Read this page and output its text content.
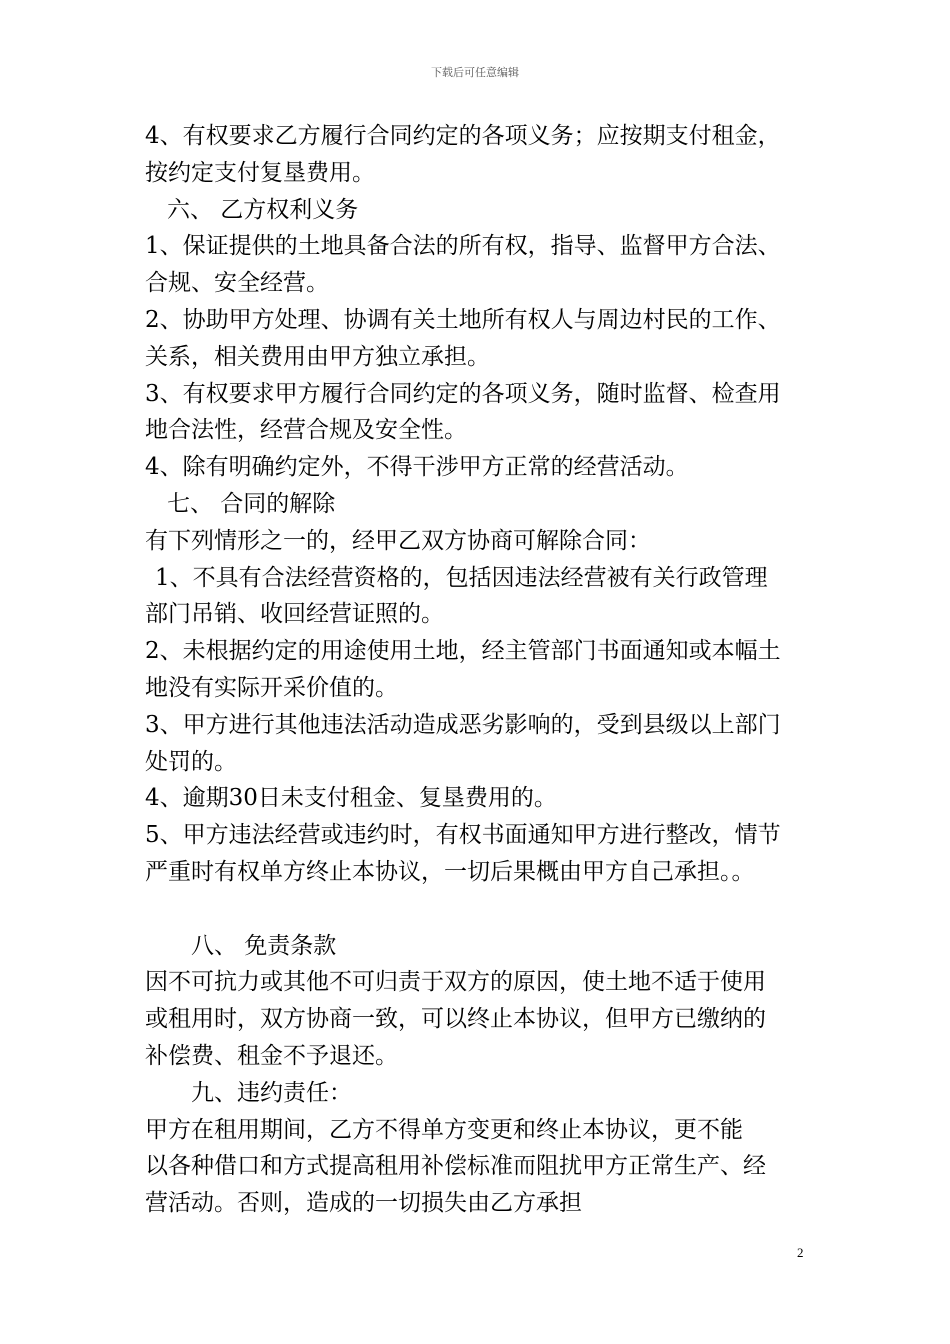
下载后可任意编辑
4、有权要求乙方履行合同约定的各项义务；应按期支付租金，
按约定支付复垦费用。
六、 乙方权利义务
1、保证提供的土地具备合法的所有权，指导、监督甲方合法、
合规、安全经营。
2、协助甲方处理、协调有关土地所有权人与周边村民的工作、
关系，相关费用由甲方独立承担。
3、有权要求甲方履行合同约定的各项义务，随时监督、检查用
地合法性，经营合规及安全性。
4、除有明确约定外，不得干涉甲方正常的经营活动。
七、 合同的解除
有下列情形之一的，经甲乙双方协商可解除合同：
1、不具有合法经营资格的，包括因违法经营被有关行政管理
部门吊销、收回经营证照的。
2、未根据约定的用途使用土地，经主管部门书面通知或本幅土
地没有实际开采价值的。
3、甲方进行其他违法活动造成恶劣影响的，受到县级以上部门
处罚的。
4、逾期30日未支付租金、复垦费用的。
5、甲方违法经营或违约时，有权书面通知甲方进行整改，情节
严重时有权单方终止本协议，一切后果概由甲方自己承担。。
八、 免责条款
因不可抗力或其他不可归责于双方的原因，使土地不适于使用
或租用时，双方协商一致，可以终止本协议，但甲方已缴纳的
补偿费、租金不予退还。
九、违约责任：
甲方在租用期间，乙方不得单方变更和终止本协议，更不能
以各种借口和方式提高租用补偿标准而阻扰甲方正常生产、经
营活动。否则，造成的一切损失由乙方承担
2
